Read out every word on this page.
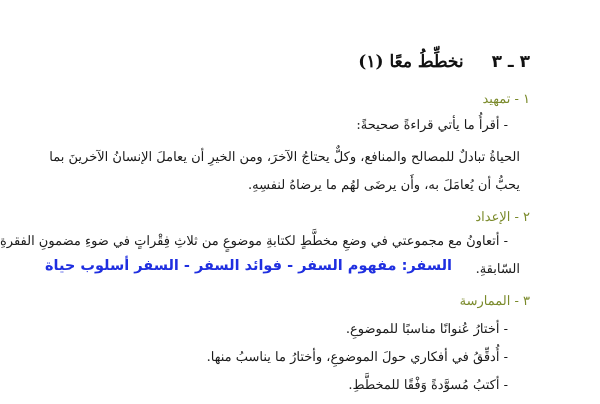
٣ ـ ٣ نخطِّطُ معًا (١)
١ - تمهيد
- أقرأُ ما يأتي قراءةً صحيحةً:
الحياةُ تبادلٌ للمصالح والمنافع، وكلٌّ يحتاجُ الآخرَ، ومن الخيرِ أن يعاملَ الإنسانُ الآخرينَ بما
يحبُّ أن يُعامَلَ به، وأَن يرضَى لهُم ما يرضاهُ لنفسِهِ.
٢ - الإعداد
- أتعاونُ مع مجموعتي في وضعِ مخطَّطٍ لكتابةِ موضوعٍ من ثلاثِ فِقْراتٍ في ضوءِ مضمونِ الفقرةِ
السّابقةِ.
السفر: مفهوم السفر - فوائد السفر - السفر أسلوب حياة
٣ - الممارسة
- أختارُ عُنوانًا مناسبًا للموضوعِ.
- أُدقِّقُ في أفكاري حولَ الموضوعِ، وأختارُ ما يناسبُ منها.
- أكتبُ مُسوَّدةً وَفْقًا للمخطَّطِ.
